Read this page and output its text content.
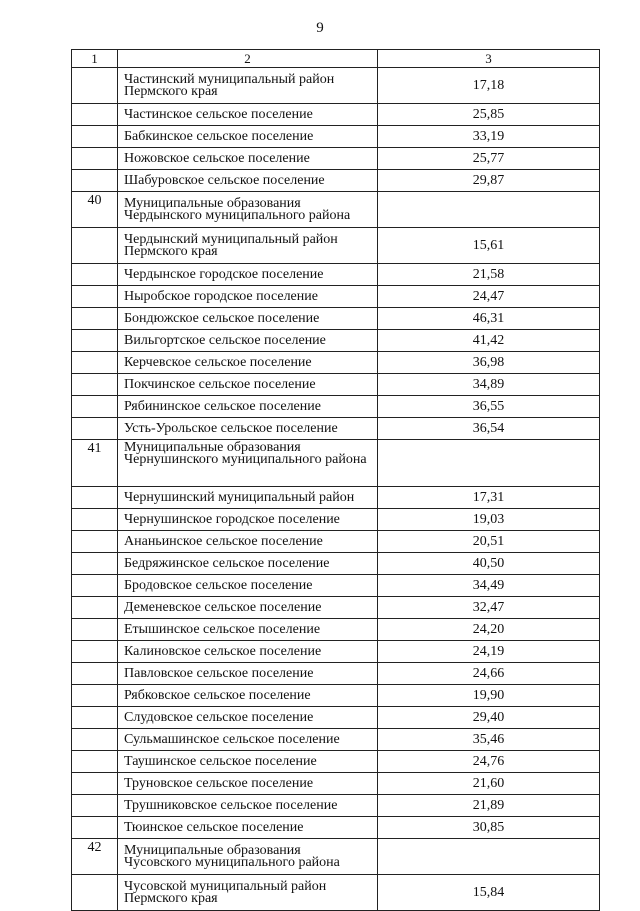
9
1	2	3
	Частинский муниципальный район Пермского края	17,18
	Частинское сельское поселение	25,85
	Бабкинское сельское поселение	33,19
	Ножовское сельское поселение	25,77
	Шабуровское сельское поселение	29,87
40	Муниципальные образования Чердынского муниципального района	
	Чердынский муниципальный район Пермского края	15,61
	Чердынское городское поселение	21,58
	Ныробское городское поселение	24,47
	Бондюжское сельское поселение	46,31
	Вильгортское сельское поселение	41,42
	Керчевское сельское поселение	36,98
	Покчинское сельское поселение	34,89
	Рябининское сельское поселение	36,55
	Усть-Урольское сельское поселение	36,54
41	Муниципальные образования Чернушинского муниципального района	
	Чернушинский муниципальный район	17,31
	Чернушинское городское поселение	19,03
	Ананьинское сельское поселение	20,51
	Бедряжинское сельское поселение	40,50
	Бродовское сельское поселение	34,49
	Деменевское сельское поселение	32,47
	Етышинское сельское поселение	24,20
	Калиновское сельское поселение	24,19
	Павловское сельское поселение	24,66
	Рябковское сельское поселение	19,90
	Слудовское сельское поселение	29,40
	Сульмашинское сельское поселение	35,46
	Таушинское сельское поселение	24,76
	Труновское сельское поселение	21,60
	Трушниковское сельское поселение	21,89
	Тюинское сельское поселение	30,85
42	Муниципальные образования Чусовского муниципального района	
	Чусовской муниципальный район Пермского края	15,84
